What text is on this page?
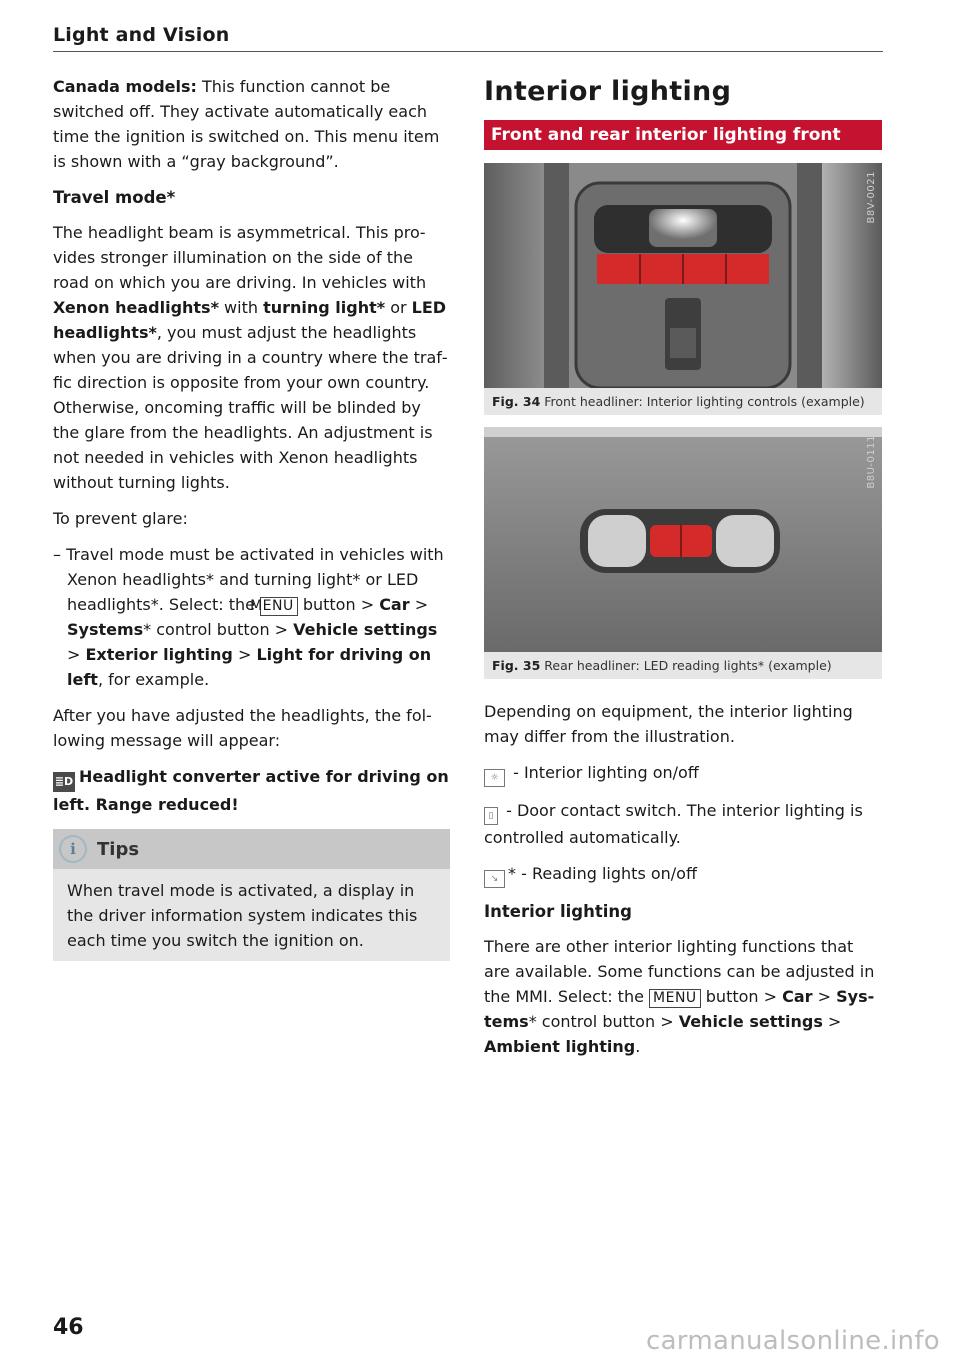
Light and Vision

Canada models: This function cannot be switched off. They activate automatically each time the ignition is switched on. This menu item is shown with a “gray background”.

Travel mode*

The headlight beam is asymmetrical. This provides stronger illumination on the side of the road on which you are driving. In vehicles with Xenon headlights* with turning light* or LED headlights*, you must adjust the headlights when you are driving in a country where the traffic direction is opposite from your own country. Otherwise, oncoming traffic will be blinded by the glare from the headlights. An adjustment is not needed in vehicles with Xenon headlights without turning lights.

To prevent glare:

– Travel mode must be activated in vehicles with Xenon headlights* and turning light* or LED headlights*. Select: the MENU button > Car > Systems* control button > Vehicle settings > Exterior lighting > Light for driving on left, for example.

After you have adjusted the headlights, the following message will appear:

≣D Headlight converter active for driving on left. Range reduced!

i	Tips

When travel mode is activated, a display in the driver information system indicates this each time you switch the ignition on.

Interior lighting
Front and rear interior lighting front
B8V-0021
Fig. 34 Front headliner: Interior lighting controls (example)
B8U-0111
Fig. 35 Rear headliner: LED reading lights* (example)

Depending on equipment, the interior lighting may differ from the illustration.

☼ - Interior lighting on/off

▯ - Door contact switch. The interior lighting is controlled automatically.

↘ * - Reading lights on/off

Interior lighting

There are other interior lighting functions that are available. Some functions can be adjusted in the MMI. Select: the MENU button > Car > Systems* control button > Vehicle settings > Ambient lighting.

46	carmanualsonline.info
